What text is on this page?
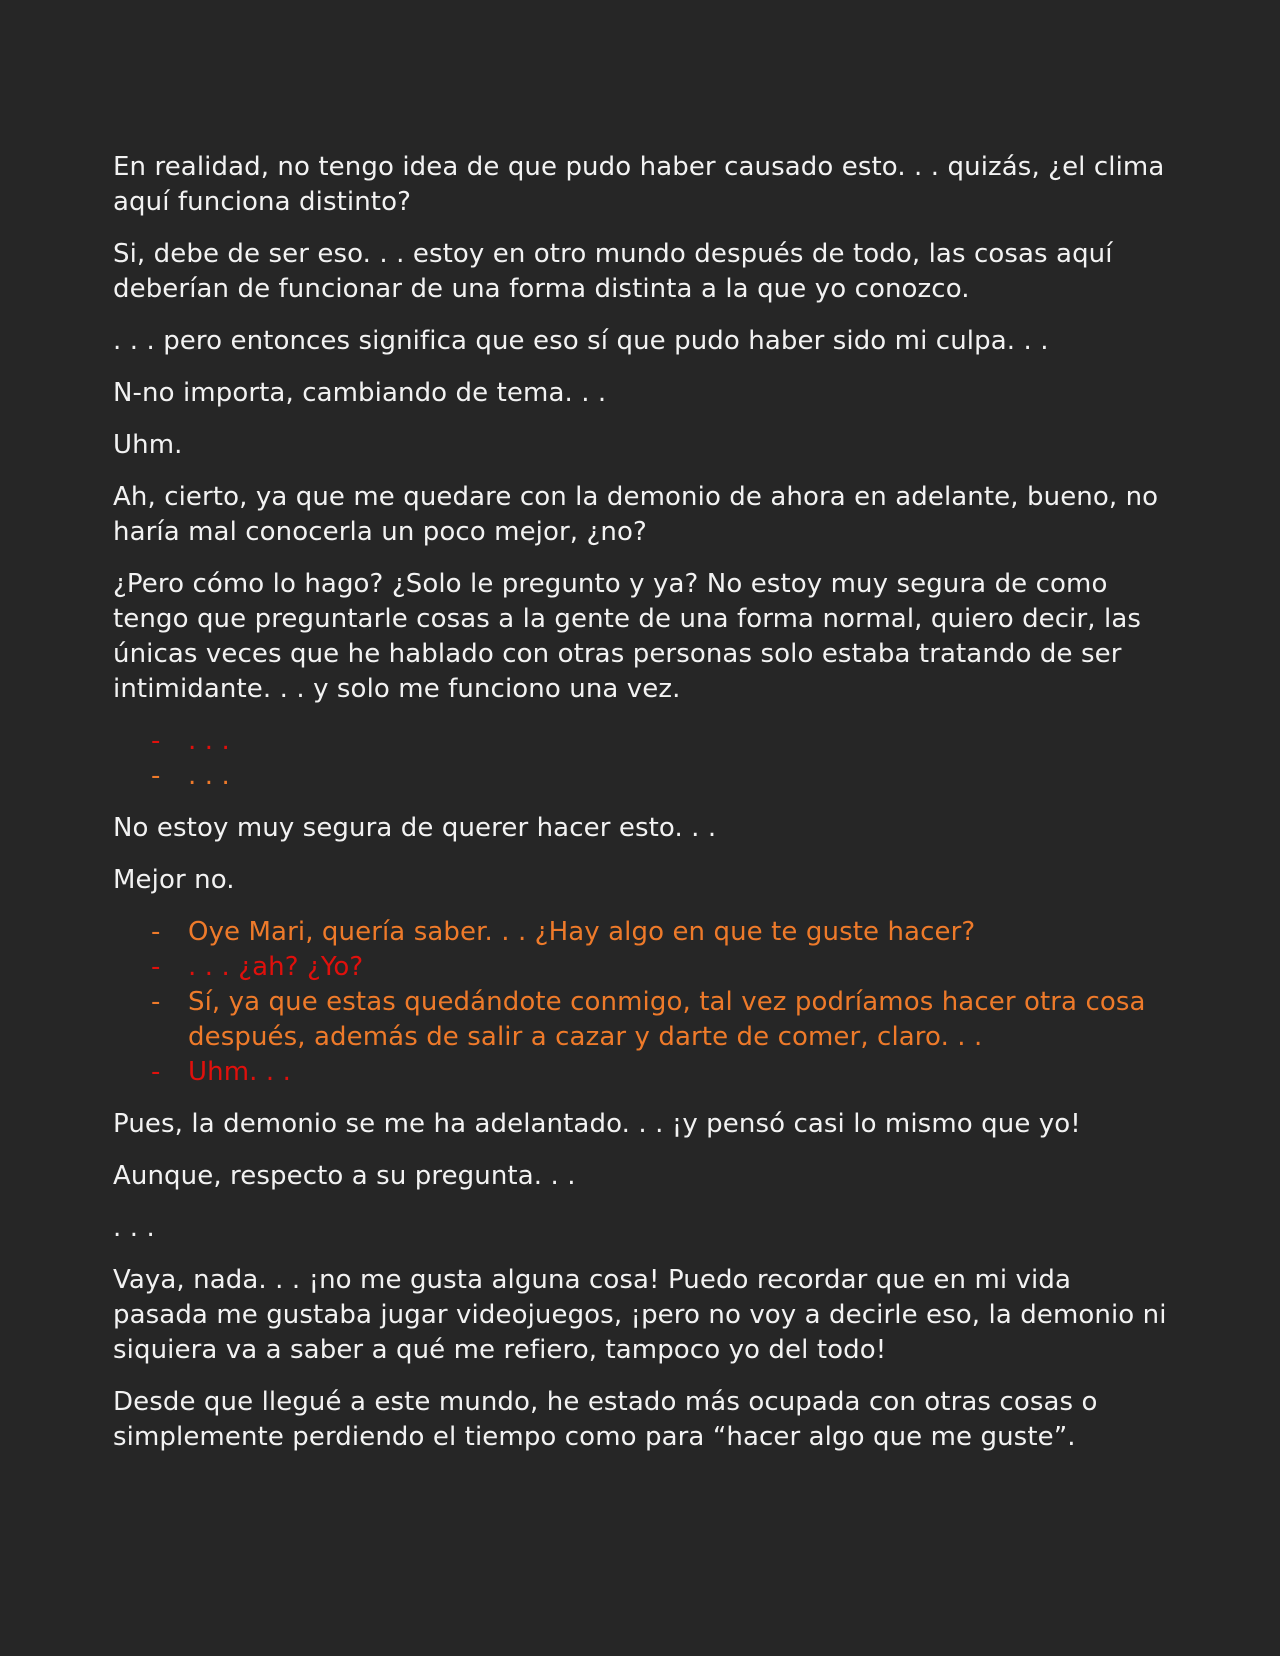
En realidad, no tengo idea de que pudo haber causado esto. . . quizás, ¿el clima aquí funciona distinto?

Si, debe de ser eso. . . estoy en otro mundo después de todo, las cosas aquí deberían de funcionar de una forma distinta a la que yo conozco.

. . . pero entonces significa que eso sí que pudo haber sido mi culpa. . .

N-no importa, cambiando de tema. . .

Uhm.

Ah, cierto, ya que me quedare con la demonio de ahora en adelante, bueno, no haría mal conocerla un poco mejor, ¿no?

¿Pero cómo lo hago? ¿Solo le pregunto y ya? No estoy muy segura de como tengo que preguntarle cosas a la gente de una forma normal, quiero decir, las únicas veces que he hablado con otras personas solo estaba tratando de ser intimidante. . . y solo me funciono una vez.

- . . .
- . . .

No estoy muy segura de querer hacer esto. . .

Mejor no.

- Oye Mari, quería saber. . . ¿Hay algo en que te guste hacer?
- . . . ¿ah? ¿Yo?
- Sí, ya que estas quedándote conmigo, tal vez podríamos hacer otra cosa después, además de salir a cazar y darte de comer, claro. . .
- Uhm. . .

Pues, la demonio se me ha adelantado. . . ¡y pensó casi lo mismo que yo!

Aunque, respecto a su pregunta. . .

. . .

Vaya, nada. . . ¡no me gusta alguna cosa! Puedo recordar que en mi vida pasada me gustaba jugar videojuegos, ¡pero no voy a decirle eso, la demonio ni siquiera va a saber a qué me refiero, tampoco yo del todo!

Desde que llegué a este mundo, he estado más ocupada con otras cosas o simplemente perdiendo el tiempo como para “hacer algo que me guste”.
